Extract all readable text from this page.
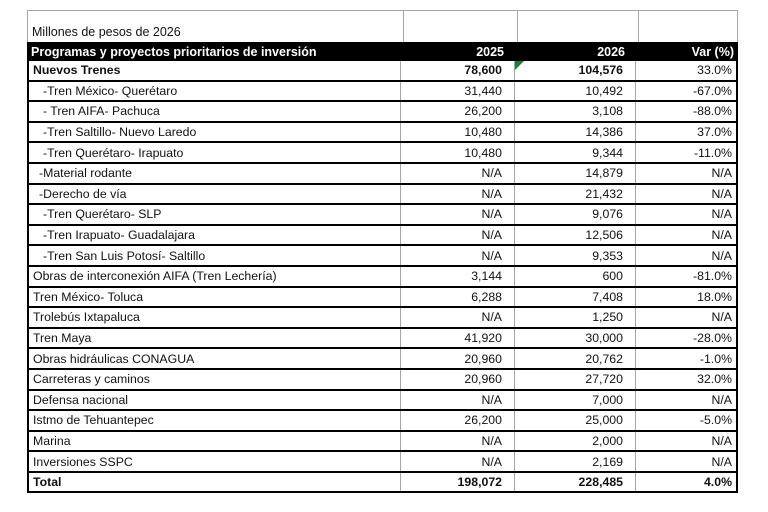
Millones de pesos de 2026
Programas y proyectos prioritarios de inversión	2025	2026	Var (%)
Nuevos Trenes	78,600	104,576	33.0%
-Tren México- Querétaro	31,440	10,492	-67.0%
- Tren AIFA- Pachuca	26,200	3,108	-88.0%
-Tren Saltillo- Nuevo Laredo	10,480	14,386	37.0%
-Tren Querétaro- Irapuato	10,480	9,344	-11.0%
-Material rodante	N/A	14,879	N/A
-Derecho de vía	N/A	21,432	N/A
-Tren Querétaro- SLP	N/A	9,076	N/A
-Tren Irapuato- Guadalajara	N/A	12,506	N/A
-Tren San Luis Potosí- Saltillo	N/A	9,353	N/A
Obras de interconexión AIFA (Tren Lechería)	3,144	600	-81.0%
Tren México- Toluca	6,288	7,408	18.0%
Trolebús Ixtapaluca	N/A	1,250	N/A
Tren Maya	41,920	30,000	-28.0%
Obras hidráulicas CONAGUA	20,960	20,762	-1.0%
Carreteras y caminos	20,960	27,720	32.0%
Defensa nacional	N/A	7,000	N/A
Istmo de Tehuantepec	26,200	25,000	-5.0%
Marina	N/A	2,000	N/A
Inversiones SSPC	N/A	2,169	N/A
Total	198,072	228,485	4.0%
